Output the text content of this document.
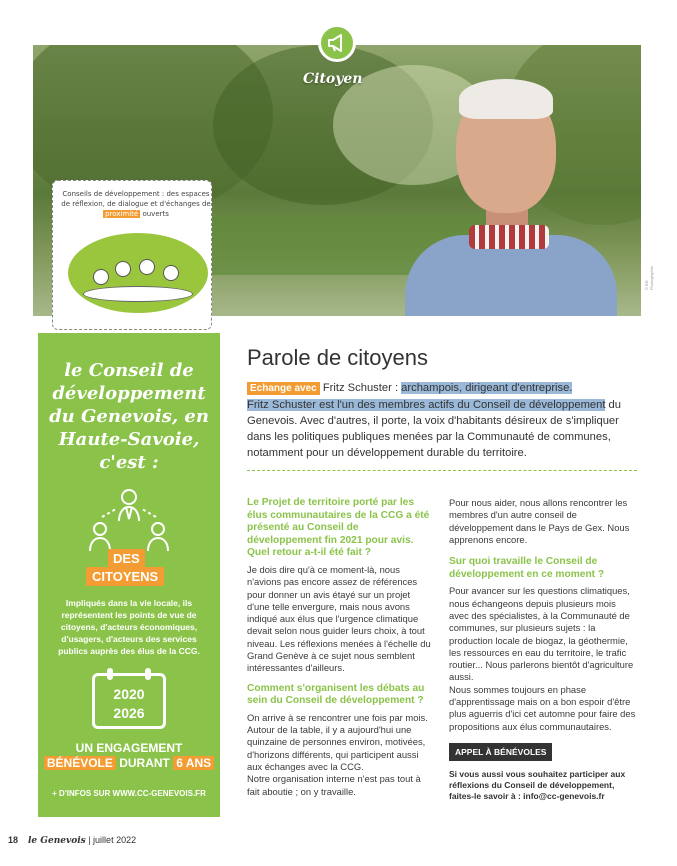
© BR Photographie
Citoyen
Conseils de développement : des espaces de réflexion, de dialogue et d'échanges de proximité ouverts
le Conseil de développement du Genevois, en Haute-Savoie, c'est :
DES
CITOYENS
Impliqués dans la vie locale, ils représentent les points de vue de citoyens, d'acteurs économiques, d'usagers, d'acteurs des services publics auprès des élus de la CCG.
2020
2026
UN ENGAGEMENT
BÉNÉVOLE DURANT 6 ANS
+ D'INFOS SUR WWW.CC-GENEVOIS.FR
Parole de citoyens
Echange avec Fritz Schuster : archampois, dirigeant d'entreprise.
Fritz Schuster est l'un des membres actifs du Conseil de développement du Genevois. Avec d'autres, il porte, la voix d'habitants désireux de s'impliquer dans les politiques publiques menées par la Communauté de communes, notamment pour un développement durable du territoire.
Le Projet de territoire porté par les élus communautaires de la CCG a été présenté au Conseil de développement fin 2021 pour avis. Quel retour a-t-il été fait ?

Je dois dire qu'à ce moment-là, nous n'avions pas encore assez de références pour donner un avis étayé sur un projet d'une telle envergure, mais nous avons indiqué aux élus que l'urgence climatique devait selon nous guider leurs choix, à tout niveau. Les réflexions menées à l'échelle du Grand Genève à ce sujet nous semblent intéressantes d'ailleurs.

Comment s'organisent les débats au sein du Conseil de développement ?
On arrive à se rencontrer une fois par mois. Autour de la table, il y a aujourd'hui une quinzaine de personnes environ, motivées, d'horizons différents, qui participent aussi aux échanges avec la CCG.
Notre organisation interne n'est pas tout à fait aboutie ; on y travaille.

Pour nous aider, nous allons rencontrer les membres d'un autre conseil de développement dans le Pays de Gex. Nous apprenons encore.

Sur quoi travaille le Conseil de développement en ce moment ?
Pour avancer sur les questions climatiques, nous échangeons depuis plusieurs mois avec des spécialistes, à la Communauté de communes, sur plusieurs sujets : la production locale de biogaz, la géothermie, les ressources en eau du territoire, le trafic routier... Nous parlerons bientôt d'agriculture aussi.

Nous sommes toujours en phase d'apprentissage mais on a bon espoir d'être plus aguerris d'ici cet automne pour faire des propositions aux élus communautaires.

APPEL À BÉNÉVOLES
Si vous aussi vous souhaitez participer aux réflexions du Conseil de développement, faites-le savoir à : info@cc-genevois.fr
18 le Genevois | juillet 2022
